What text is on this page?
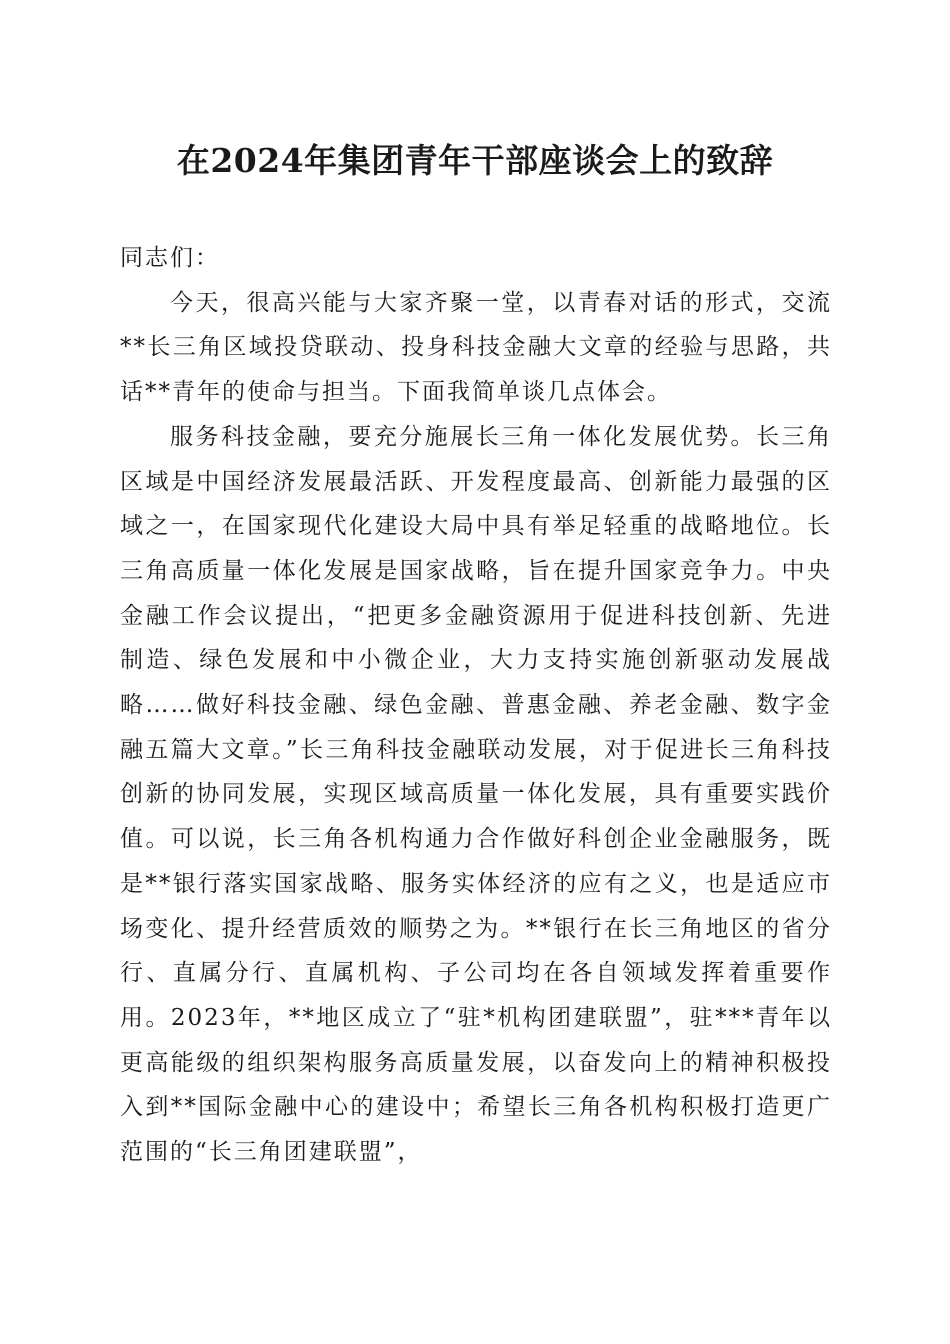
在2024年集团青年干部座谈会上的致辞

同志们：

今天，很高兴能与大家齐聚一堂，以青春对话的形式，交流**长三角区域投贷联动、投身科技金融大文章的经验与思路，共话**青年的使命与担当。下面我简单谈几点体会。

服务科技金融，要充分施展长三角一体化发展优势。长三角区域是中国经济发展最活跃、开发程度最高、创新能力最强的区域之一，在国家现代化建设大局中具有举足轻重的战略地位。长三角高质量一体化发展是国家战略，旨在提升国家竞争力。中央金融工作会议提出，“把更多金融资源用于促进科技创新、先进制造、绿色发展和中小微企业，大力支持实施创新驱动发展战略……做好科技金融、绿色金融、普惠金融、养老金融、数字金融五篇大文章。”长三角科技金融联动发展，对于促进长三角科技创新的协同发展，实现区域高质量一体化发展，具有重要实践价值。可以说，长三角各机构通力合作做好科创企业金融服务，既是**银行落实国家战略、服务实体经济的应有之义，也是适应市场变化、提升经营质效的顺势之为。**银行在长三角地区的省分行、直属分行、直属机构、子公司均在各自领域发挥着重要作用。2023年，**地区成立了“驻*机构团建联盟”，驻***青年以更高能级的组织架构服务高质量发展，以奋发向上的精神积极投入到**国际金融中心的建设中；希望长三角各机构积极打造更广范围的“长三角团建联盟”，
